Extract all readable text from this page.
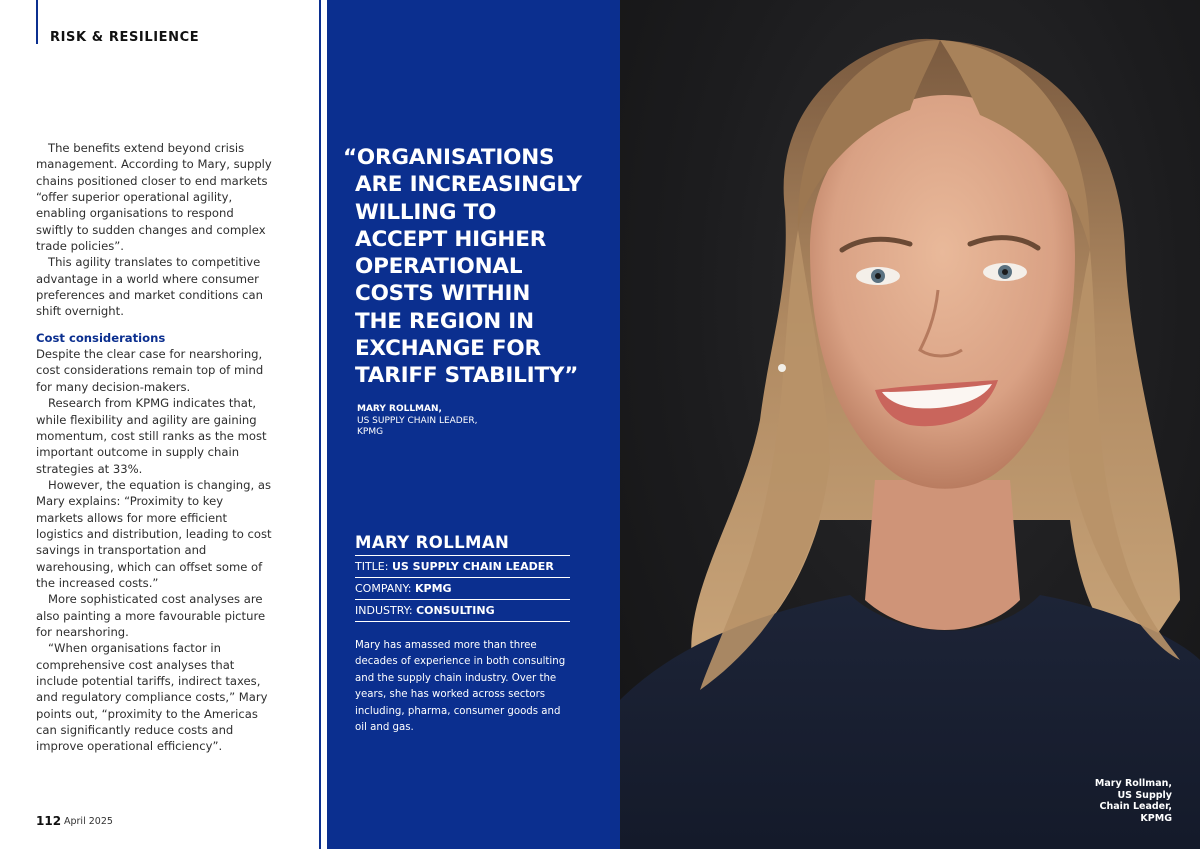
RISK & RESILIENCE

The benefits extend beyond crisis management. According to Mary, supply chains positioned closer to end markets “offer superior operational agility, enabling organisations to respond swiftly to sudden changes and complex trade policies”.

This agility translates to competitive advantage in a world where consumer preferences and market conditions can shift overnight.

Cost considerations

Despite the clear case for nearshoring, cost considerations remain top of mind for many decision-makers.

Research from KPMG indicates that, while flexibility and agility are gaining momentum, cost still ranks as the most important outcome in supply chain strategies at 33%.

However, the equation is changing, as Mary explains: “Proximity to key markets allows for more efficient logistics and distribution, leading to cost savings in transportation and warehousing, which can offset some of the increased costs.”

More sophisticated cost analyses are also painting a more favourable picture for nearshoring.

“When organisations factor in comprehensive cost analyses that include potential tariffs, indirect taxes, and regulatory compliance costs,” Mary points out, “proximity to the Americas can significantly reduce costs and improve operational efficiency”.

112 April 2025
“ORGANISATIONS
ARE INCREASINGLY
WILLING TO
ACCEPT HIGHER
OPERATIONAL
COSTS WITHIN
THE REGION IN
EXCHANGE FOR
TARIFF STABILITY”
MARY ROLLMAN,
US SUPPLY CHAIN LEADER,
KPMG
MARY ROLLMAN
TITLE: US SUPPLY CHAIN LEADER
COMPANY: KPMG
INDUSTRY: CONSULTING
Mary has amassed more than three decades of experience in both consulting and the supply chain industry. Over the years, she has worked across sectors including, pharma, consumer goods and oil and gas.
Mary Rollman,
US Supply
Chain Leader,
KPMG
